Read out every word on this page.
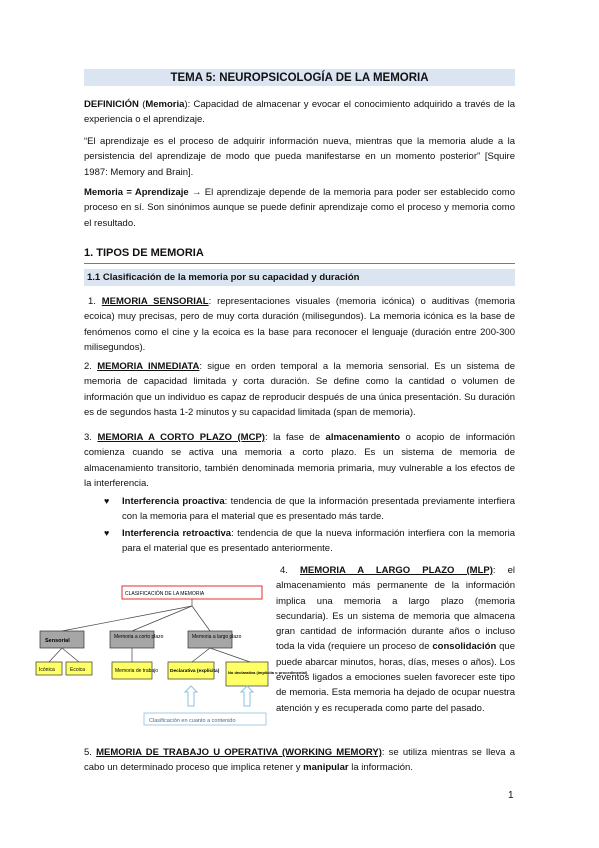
TEMA 5: NEUROPSICOLOGÍA DE LA MEMORIA

DEFINICIÓN (Memoria): Capacidad de almacenar y evocar el conocimiento adquirido a través de la experiencia o el aprendizaje.

“El aprendizaje es el proceso de adquirir información nueva, mientras que la memoria alude a la persistencia del aprendizaje de modo que pueda manifestarse en un momento posterior” [Squire 1987: Memory and Brain].

Memoria = Aprendizaje → El aprendizaje depende de la memoria para poder ser establecido como proceso en sí. Son sinónimos aunque se puede definir aprendizaje como el proceso y memoria como el resultado.

1. TIPOS DE MEMORIA
1.1 Clasificación de la memoria por su capacidad y duración

1. MEMORIA SENSORIAL: representaciones visuales (memoria icónica) o auditivas (memoria ecoica) muy precisas, pero de muy corta duración (milisegundos). La memoria icónica es la base de fenómenos como el cine y la ecoica es la base para reconocer el lenguaje (duración entre 200-300 milisegundos).

2. MEMORIA INMEDIATA: sigue en orden temporal a la memoria sensorial. Es un sistema de memoria de capacidad limitada y corta duración. Se define como la cantidad o volumen de información que un individuo es capaz de reproducir después de una única presentación. Su duración es de segundos hasta 1-2 minutos y su capacidad limitada (span de memoria).

3. MEMORIA A CORTO PLAZO (MCP): la fase de almacenamiento o acopio de información comienza cuando se activa una memoria a corto plazo. Es un sistema de memoria de almacenamiento transitorio, también denominada memoria primaria, muy vulnerable a los efectos de la interferencia.

♥ Interferencia proactiva: tendencia de que la información presentada previamente interfiera con la memoria para el material que es presentado más tarde.
♥ Interferencia retroactiva: tendencia de que la nueva información interfiera con la memoria para el material que es presentado anteriormente.
CLASIFICACIÓN DE LA MEMORIA
Sensorial
Memoria a corto plazo	Memoria a largo plazo
Icónica	Ecoica	Memoria de trabajo Declarativa (explícita) No declarativa (implícita o procedimental)
Clasificación en cuanto a contenido

4. MEMORIA A LARGO PLAZO (MLP): el almacenamiento más permanente de la información implica una memoria a largo plazo (memoria secundaria). Es un sistema de memoria que almacena gran cantidad de información durante años o incluso toda la vida (requiere un proceso de consolidación que puede abarcar minutos, horas, días, meses o años). Los eventos ligados a emociones suelen favorecer este tipo de memoria. Esta memoria ha dejado de ocupar nuestra atención y es recuperada como parte del pasado.

5. MEMORIA DE TRABAJO U OPERATIVA (WORKING MEMORY): se utiliza mientras se lleva a cabo un determinado proceso que implica retener y manipular la información.

1
